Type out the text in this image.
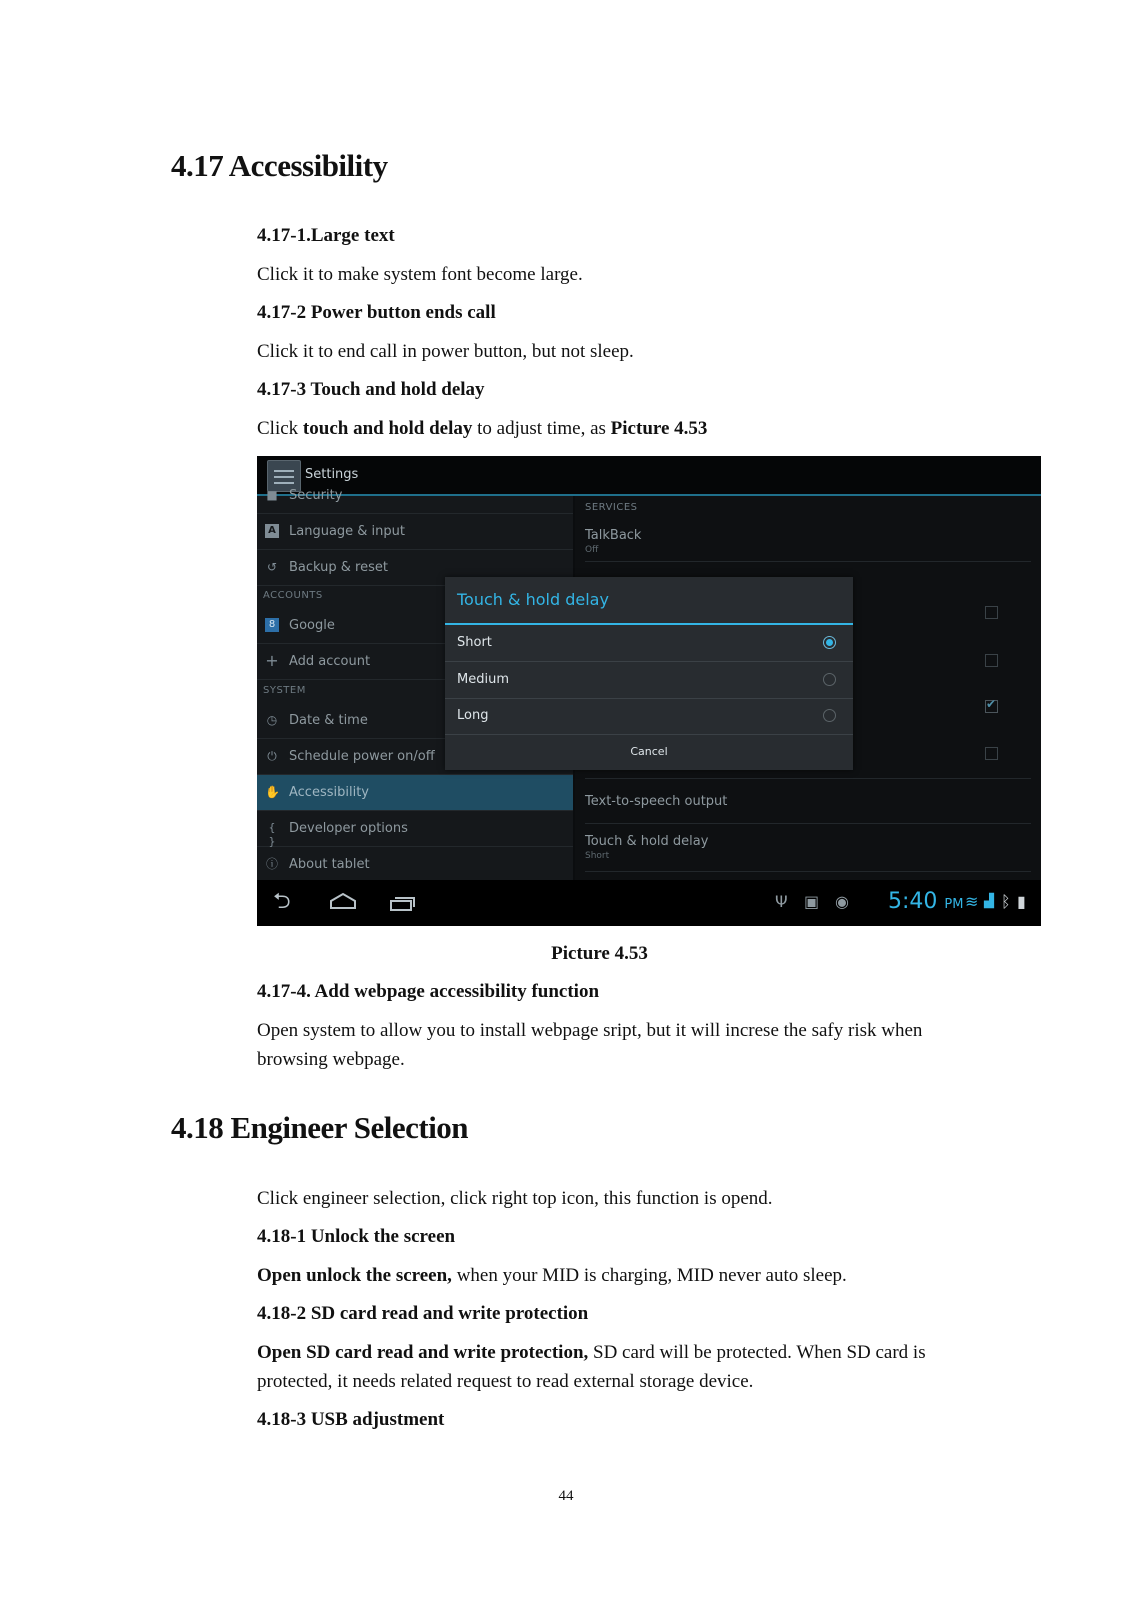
4.17 Accessibility
4.17-1.Large text

Click it to make system font become large.

4.17-2 Power button ends call

Click it to end call in power button, but not sleep.

4.17-3 Touch and hold delay

Click touch and hold delay to adjust time, as Picture 4.53

Settings
■ Security
A Language & input
↺ Backup & reset
ACCOUNTS
8 Google
+ Add account
SYSTEM
◷ Date & time
⏻ Schedule power on/off
✋ Accessibility
{ }
Developer options
ⓘ About tablet
SERVICES
TalkBack
Off
✔
Text-to-speech output
Touch & hold delay
Short
Touch & hold delay
Short
Medium
Long
Cancel
⮌	Ψ ▣ ◉ 5:40 PM ≋ ▟ ᛒ ▮
Picture 4.53
4.17-4. Add webpage accessibility function

Open system to allow you to install webpage sript, but it will increse the safy risk when browsing webpage.

4.18 Engineer Selection

Click engineer selection, click right top icon, this function is opend.

4.18-1 Unlock the screen

Open unlock the screen, when your MID is charging, MID never auto sleep.

4.18-2 SD card read and write protection

Open SD card read and write protection, SD card will be protected. When SD card is protected, it needs related request to read external storage device.

4.18-3 USB adjustment
44
